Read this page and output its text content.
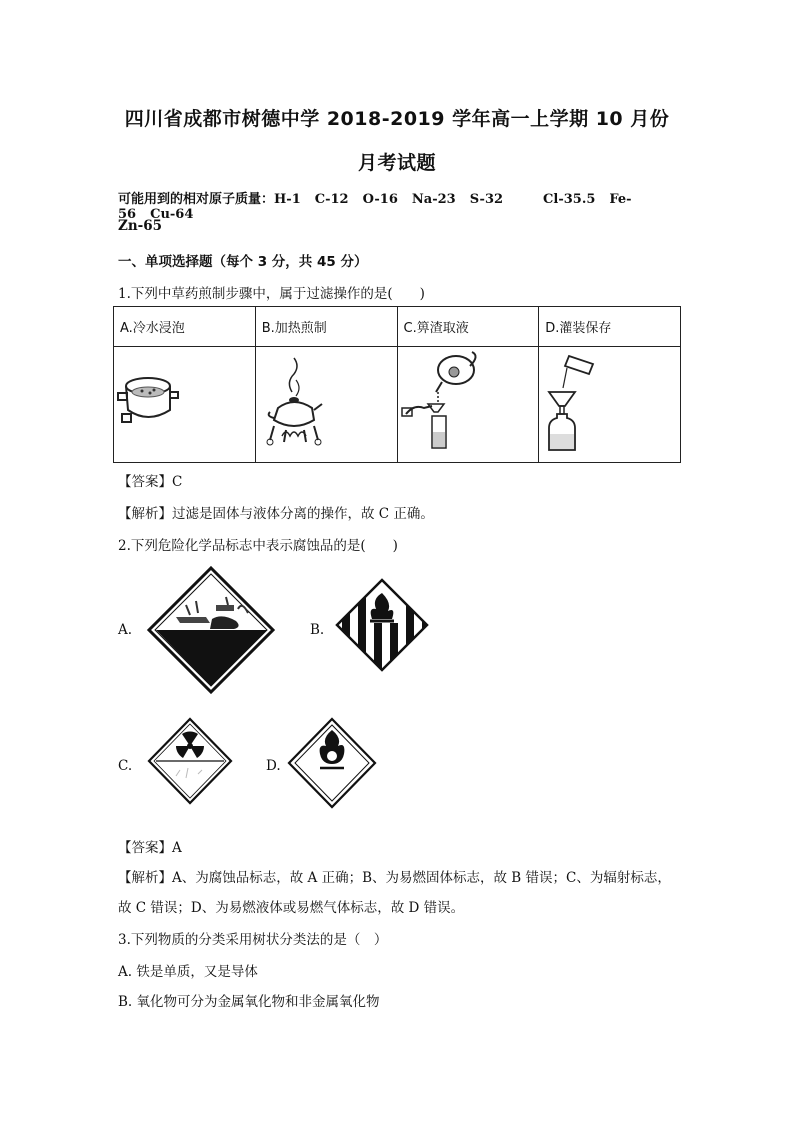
四川省成都市树德中学 2018-2019 学年高一上学期 10 月份
月考试题
可能用到的相对原子质量：H-1 C-12 O-16 Na-23 S-32	Cl-35.5 Fe-56 Cu-64
Zn-65
一、单项选择题（每个 3 分，共 45 分）
1.下列中草药煎制步骤中，属于过滤操作的是(　　)
A.冷水浸泡	B.加热煎制	C.箅渣取液	D.灌装保存

【答案】C
【解析】过滤是固体与液体分离的操作，故 C 正确。
2.下列危险化学品标志中表示腐蚀品的是(　　)
A.	B.
C.	D.
【答案】A
【解析】A、为腐蚀品标志，故 A 正确；B、为易燃固体标志，故 B 错误；C、为辐射标志，
故 C 错误；D、为易燃液体或易燃气体标志，故 D 错误。
3.下列物质的分类采用树状分类法的是（　）
A. 铁是单质，又是导体
B. 氧化物可分为金属氧化物和非金属氧化物
